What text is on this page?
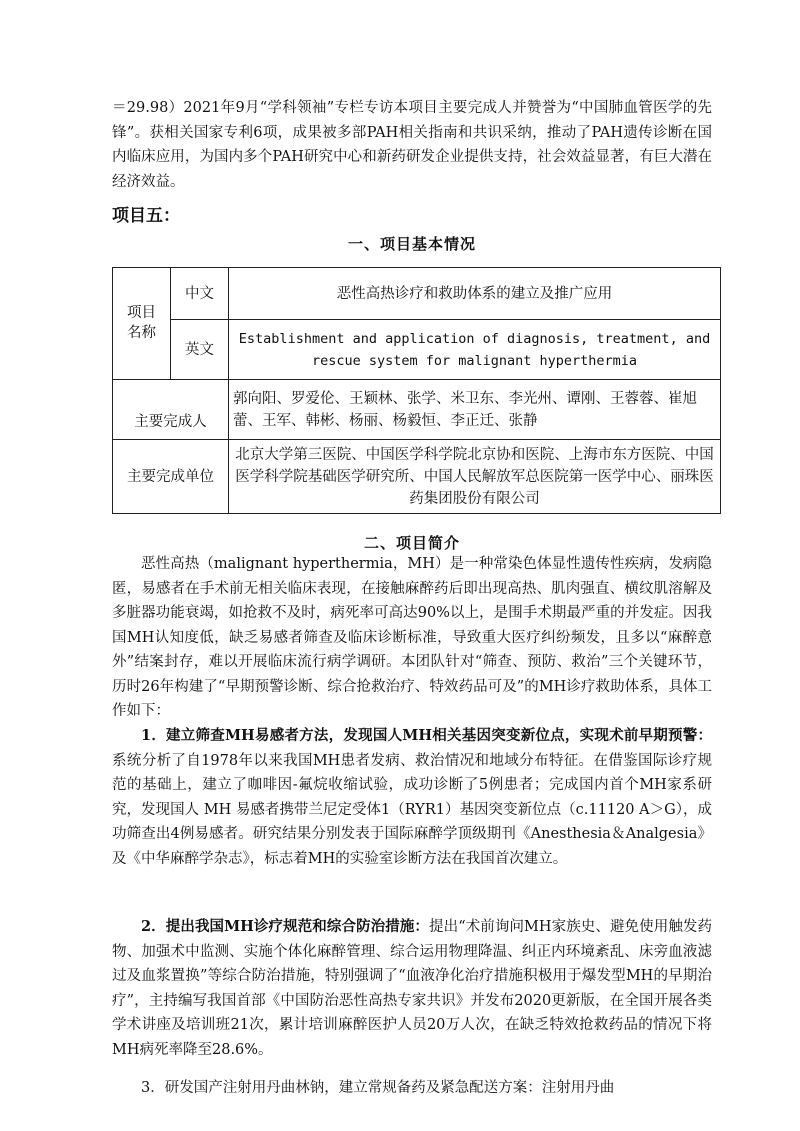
＝29.98）2021年9月“学科领袖”专栏专访本项目主要完成人并赞誉为“中国肺血管医学的先锋”。获相关国家专利6项，成果被多部PAH相关指南和共识采纳，推动了PAH遗传诊断在国内临床应用，为国内多个PAH研究中心和新药研发企业提供支持，社会效益显著，有巨大潜在经济效益。

项目五：

一、项目基本情况

项目名称	中文	恶性高热诊疗和救助体系的建立及推广应用
	英文	Establishment and application of diagnosis, treatment, and rescue system for malignant hyperthermia
主要完成人		郭向阳、罗爱伦、王颖林、张学、米卫东、李光州、谭刚、王蓉蓉、崔旭蕾、王军、韩彬、杨丽、杨毅恒、李正迁、张静
主要完成单位		北京大学第三医院、中国医学科学院北京协和医院、上海市东方医院、中国医学科学院基础医学研究所、中国人民解放军总医院第一医学中心、丽珠医药集团股份有限公司

二、项目简介

恶性高热（malignant hyperthermia，MH）是一种常染色体显性遗传性疾病，发病隐匿，易感者在手术前无相关临床表现，在接触麻醉药后即出现高热、肌肉强直、横纹肌溶解及多脏器功能衰竭，如抢救不及时，病死率可高达90%以上，是围手术期最严重的并发症。因我国MH认知度低，缺乏易感者筛查及临床诊断标准，导致重大医疗纠纷频发，且多以“麻醉意外”结案封存，难以开展临床流行病学调研。本团队针对“筛查、预防、救治”三个关键环节，历时26年构建了“早期预警诊断、综合抢救治疗、特效药品可及”的MH诊疗救助体系，具体工作如下：

1．建立筛查MH易感者方法，发现国人MH相关基因突变新位点，实现术前早期预警：系统分析了自1978年以来我国MH患者发病、救治情况和地域分布特征。在借鉴国际诊疗规范的基础上，建立了咖啡因-氟烷收缩试验，成功诊断了5例患者；完成国内首个MH家系研究，发现国人 MH 易感者携带兰尼定受体1（RYR1）基因突变新位点（c.11120 A＞G），成功筛查出4例易感者。研究结果分别发表于国际麻醉学顶级期刊《Anesthesia＆Analgesia》及《中华麻醉学杂志》，标志着MH的实验室诊断方法在我国首次建立。

2．提出我国MH诊疗规范和综合防治措施：提出“术前询问MH家族史、避免使用触发药物、加强术中监测、实施个体化麻醉管理、综合运用物理降温、纠正内环境紊乱、床旁血液滤过及血浆置换”等综合防治措施，特别强调了“血液净化治疗措施积极用于爆发型MH的早期治疗”，主持编写我国首部《中国防治恶性高热专家共识》并发布2020更新版，在全国开展各类学术讲座及培训班21次，累计培训麻醉医护人员20万人次，在缺乏特效抢救药品的情况下将MH病死率降至28.6%。

3．研发国产注射用丹曲林钠，建立常规备药及紧急配送方案：注射用丹曲
